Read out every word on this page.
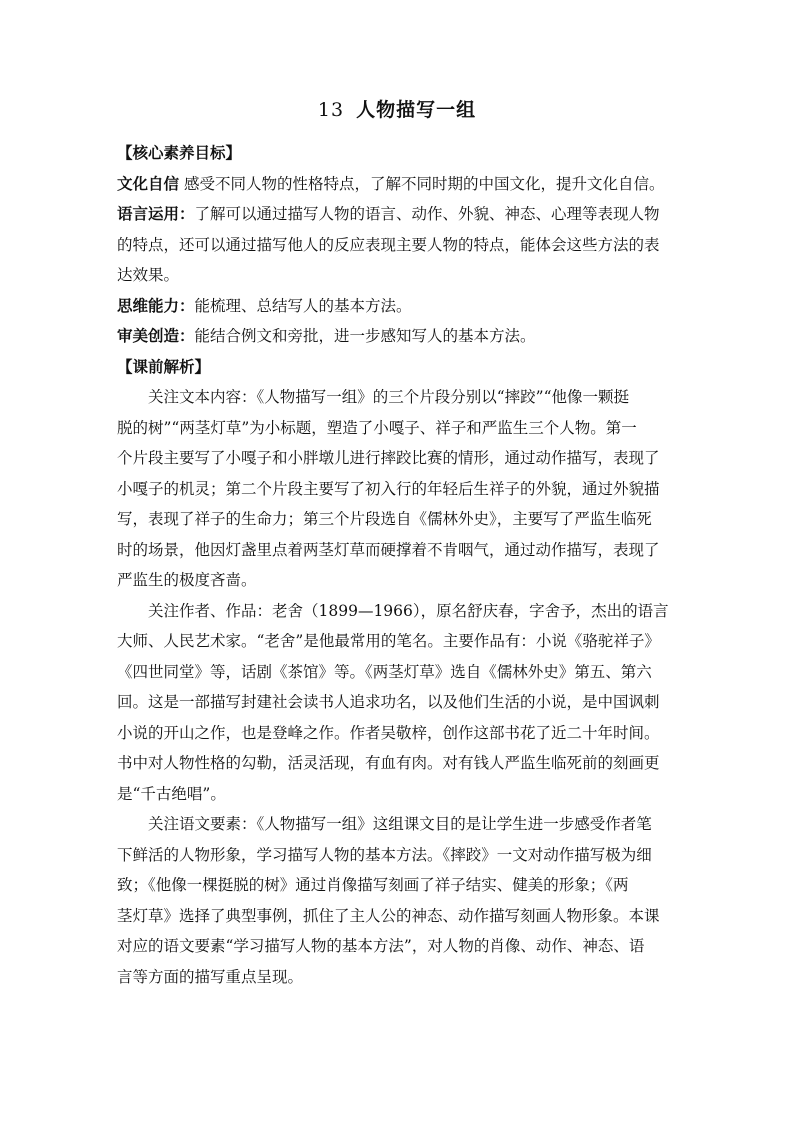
13 人物描写一组

【核心素养目标】

文化自信 感受不同人物的性格特点，了解不同时期的中国文化，提升文化自信。

语言运用：了解可以通过描写人物的语言、动作、外貌、神态、心理等表现人物
的特点，还可以通过描写他人的反应表现主要人物的特点，能体会这些方法的表
达效果。

思维能力：能梳理、总结写人的基本方法。

审美创造：能结合例文和旁批，进一步感知写人的基本方法。

【课前解析】

关注文本内容：《人物描写一组》的三个片段分别以“摔跤”“他像一颗挺
脱的树”“两茎灯草”为小标题，塑造了小嘎子、祥子和严监生三个人物。第一
个片段主要写了小嘎子和小胖墩儿进行摔跤比赛的情形，通过动作描写，表现了
小嘎子的机灵；第二个片段主要写了初入行的年轻后生祥子的外貌，通过外貌描
写，表现了祥子的生命力；第三个片段选自《儒林外史》，主要写了严监生临死
时的场景，他因灯盏里点着两茎灯草而硬撑着不肯咽气，通过动作描写，表现了
严监生的极度吝啬。
关注作者、作品：老舍（1899—1966），原名舒庆春，字舍予，杰出的语言
大师、人民艺术家。“老舍”是他最常用的笔名。主要作品有：小说《骆驼祥子》
《四世同堂》等，话剧《茶馆》等。《两茎灯草》选自《儒林外史》第五、第六
回。这是一部描写封建社会读书人追求功名，以及他们生活的小说，是中国讽刺
小说的开山之作，也是登峰之作。作者吴敬梓，创作这部书花了近二十年时间。
书中对人物性格的勾勒，活灵活现，有血有肉。对有钱人严监生临死前的刻画更
是“千古绝唱”。
关注语文要素：《人物描写一组》这组课文目的是让学生进一步感受作者笔
下鲜活的人物形象，学习描写人物的基本方法。《摔跤》一文对动作描写极为细
致；《他像一棵挺脱的树》通过肖像描写刻画了祥子结实、健美的形象；《两
茎灯草》选择了典型事例，抓住了主人公的神态、动作描写刻画人物形象。本课
对应的语文要素“学习描写人物的基本方法”，对人物的肖像、动作、神态、语
言等方面的描写重点呈现。
